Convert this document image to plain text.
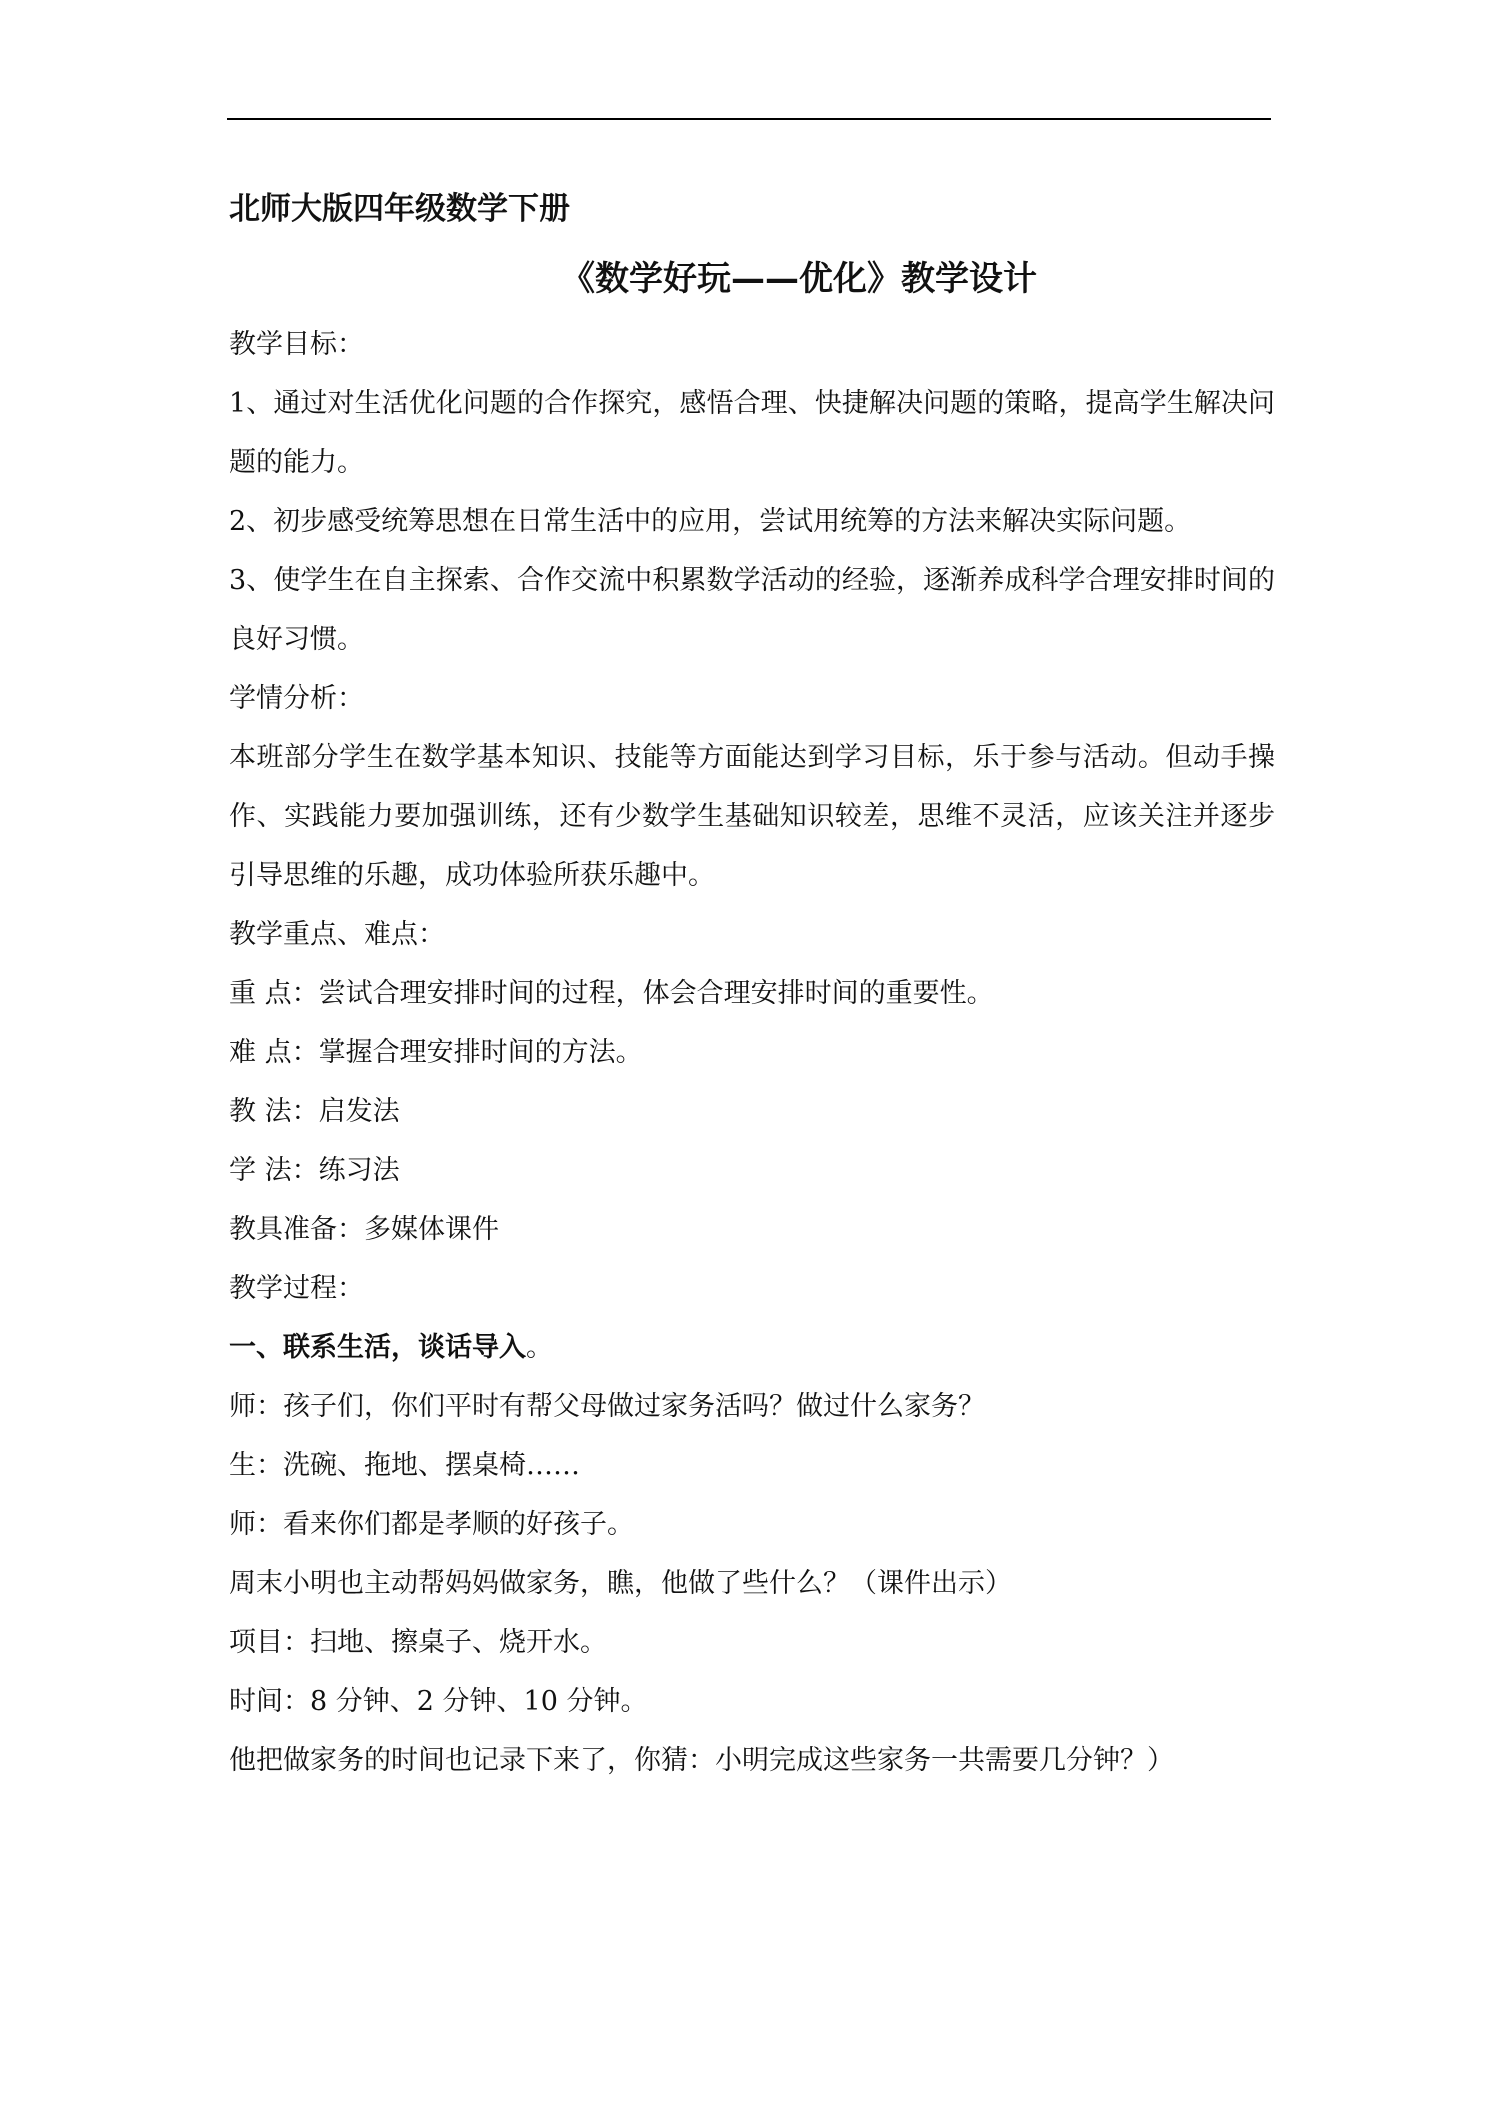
北师大版四年级数学下册
《数学好玩——优化》教学设计

教学目标：

1、通过对生活优化问题的合作探究，感悟合理、快捷解决问题的策略，提高学生解决问题的能力。

2、初步感受统筹思想在日常生活中的应用，尝试用统筹的方法来解决实际问题。

3、使学生在自主探索、合作交流中积累数学活动的经验，逐渐养成科学合理安排时间的良好习惯。

学情分析：

本班部分学生在数学基本知识、技能等方面能达到学习目标，乐于参与活动。但动手操作、实践能力要加强训练，还有少数学生基础知识较差，思维不灵活，应该关注并逐步引导思维的乐趣，成功体验所获乐趣中。

教学重点、难点：

重 点：尝试合理安排时间的过程，体会合理安排时间的重要性。

难 点：掌握合理安排时间的方法。

教 法：启发法

学 法：练习法

教具准备：多媒体课件

教学过程：

一、联系生活，谈话导入。

师：孩子们，你们平时有帮父母做过家务活吗？做过什么家务？

生：洗碗、拖地、摆桌椅……

师：看来你们都是孝顺的好孩子。

周末小明也主动帮妈妈做家务，瞧，他做了些什么？（课件出示）

项目：扫地、擦桌子、烧开水。

时间：8 分钟、2 分钟、10 分钟。

他把做家务的时间也记录下来了，你猜：小明完成这些家务一共需要几分钟？）
